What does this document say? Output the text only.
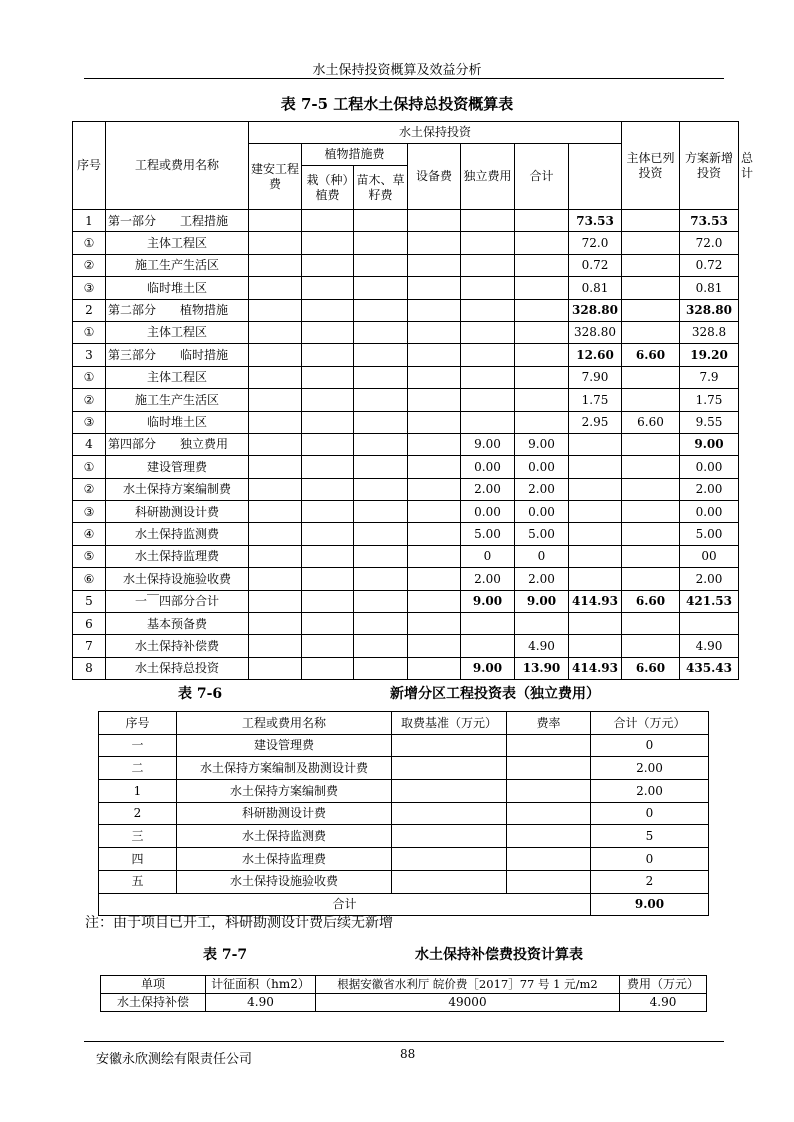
水土保持投资概算及效益分析
表 7-5 工程水土保持总投资概算表
序号	工程或费用名称	水土保持投资							主体已列投资	方案新增投资	总计
		建安工程费	植物措施费		设备费	独立费用	合计				
			栽（种）植费	苗木、草籽费							
1	第一部分　　工程措施							73.53		73.53	
①	主体工程区							72.0		72.0	
②	施工生产生活区							0.72		0.72	
③	临时堆土区							0.81		0.81	
2	第二部分　　植物措施							328.80		328.80	
①	主体工程区							328.80		328.8	
3	第三部分　　临时措施							12.60	6.60	19.20	
①	主体工程区							7.90		7.9	
②	施工生产生活区							1.75		1.75	
③	临时堆土区							2.95	6.60	9.55	
4	第四部分　　独立费用					9.00	9.00			9.00	
①	建设管理费					0.00	0.00			0.00	
②	水土保持方案编制费					2.00	2.00			2.00	
③	科研勘测设计费					0.00	0.00			0.00	
④	水土保持监测费					5.00	5.00			5.00	
⑤	水土保持监理费					0	0			00	
⑥	水土保持设施验收费					2.00	2.00			2.00	
5	一￣四部分合计					9.00	9.00	414.93	6.60	421.53	
6	基本预备费										
7	水土保持补偿费						4.90			4.90	
8	水土保持总投资					9.00	13.90	414.93	6.60	435.43	
表 7-6	新增分区工程投资表（独立费用）
序号	工程或费用名称	取费基准（万元）	费率	合计（万元）
一	建设管理费			0
二	水土保持方案编制及勘测设计费			2.00
1	水土保持方案编制费			2.00
2	科研勘测设计费			0
三	水土保持监测费			5
四	水土保持监理费			0
五	水土保持设施验收费			2
合计				9.00
注：由于项目已开工，科研勘测设计费后续无新增
表 7-7	水土保持补偿费投资计算表
单项	计征面积（hm2）	根据安徽省水利厅 皖价费［2017］77 号 1 元/m2	费用（万元）
水土保持补偿	4.90	49000	4.90
安徽永欣测绘有限责任公司	88
